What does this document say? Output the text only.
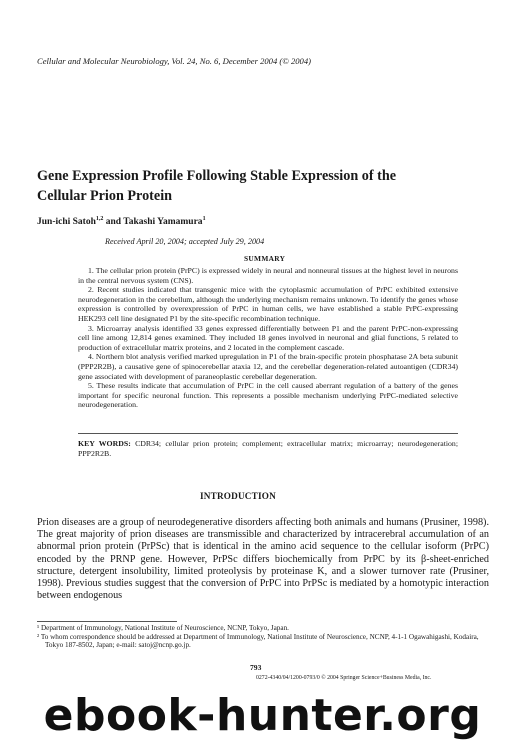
Cellular and Molecular Neurobiology, Vol. 24, No. 6, December 2004 (© 2004)
Gene Expression Profile Following Stable Expression of the Cellular Prion Protein
Jun-ichi Satoh$^{1,2}$ and Takashi Yamamura$^1$
Received April 20, 2004; accepted July 29, 2004
SUMMARY

1. The cellular prion protein (PrPC) is expressed widely in neural and nonneural tissues at the highest level in neurons in the central nervous system (CNS).

2. Recent studies indicated that transgenic mice with the cytoplasmic accumulation of PrPC exhibited extensive neurodegeneration in the cerebellum, although the underlying mechanism remains unknown. To identify the genes whose expression is controlled by overexpression of PrPC in human cells, we have established a stable PrPC-expressing HEK293 cell line designated P1 by the site-specific recombination technique.

3. Microarray analysis identified 33 genes expressed differentially between P1 and the parent PrPC-non-expressing cell line among 12,814 genes examined. They included 18 genes involved in neuronal and glial functions, 5 related to production of extracellular matrix proteins, and 2 located in the complement cascade.

4. Northern blot analysis verified marked upregulation in P1 of the brain-specific protein phosphatase 2A beta subunit (PPP2R2B), a causative gene of spinocerebellar ataxia 12, and the cerebellar degeneration-related autoantigen (CDR34) gene associated with development of paraneoplastic cerebellar degeneration.

5. These results indicate that accumulation of PrPC in the cell caused aberrant regulation of a battery of the genes important for specific neuronal function. This represents a possible mechanism underlying PrPC-mediated selective neurodegeneration.

KEY WORDS: CDR34; cellular prion protein; complement; extracellular matrix; microarray; neurodegeneration; PPP2R2B.
INTRODUCTION

Prion diseases are a group of neurodegenerative disorders affecting both animals and humans (Prusiner, 1998). The great majority of prion diseases are transmissible and characterized by intracerebral accumulation of an abnormal prion protein (PrPSc) that is identical in the amino acid sequence to the cellular isoform (PrPC) encoded by the PRNP gene. However, PrPSc differs biochemically from PrPC by its β-sheet-enriched structure, detergent insolubility, limited proteolysis by proteinase K, and a slower turnover rate (Prusiner, 1998). Previous studies suggest that the conversion of PrPC into PrPSc is mediated by a homotypic interaction between endogenous

¹ Department of Immunology, National Institute of Neuroscience, NCNP, Tokyo, Japan.

² To whom correspondence should be addressed at Department of Immunology, National Institute of Neuroscience, NCNP, 4-1-1 Ogawahigashi, Kodaira, Tokyo 187-8502, Japan; e-mail: satoj@ncnp.go.jp.

793
0272-4340/04/1200-0793/0 © 2004 Springer Science+Business Media, Inc.
ebook-hunter.org
